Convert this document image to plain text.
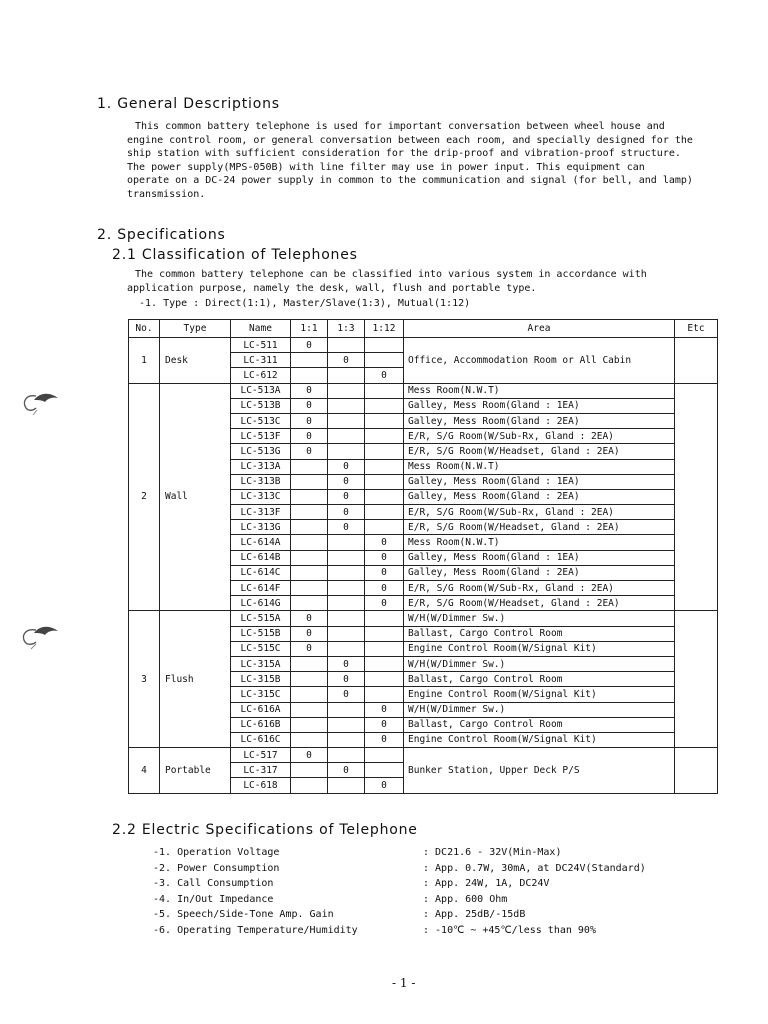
1. General Descriptions
This common battery telephone is used for important conversation between wheel house and
engine control room, or general conversation between each room, and specially designed for the
ship station with sufficient consideration for the drip-proof and vibration-proof structure.
The power supply(MPS-050B) with line filter may use in power input. This equipment can
operate on a DC-24 power supply in common to the communication and signal (for bell, and lamp)
transmission.
2. Specifications
2.1 Classification of Telephones
The common battery telephone can be classified into various system in accordance with
application purpose, namely the desk, wall, flush and portable type.
-1. Type : Direct(1:1), Master/Slave(1:3), Mutual(1:12)
No.	Type	Name	1:1	1:3	1:12	Area	Etc
1	Desk	LC-511	0			Office, Accommodation Room or All Cabin	
		LC-311		0			
		LC-612			0		
2	Wall	LC-513A	0			Mess Room(N.W.T)	
		LC-513B	0			Galley, Mess Room(Gland : 1EA)	
		LC-513C	0			Galley, Mess Room(Gland : 2EA)	
		LC-513F	0			E/R, S/G Room(W/Sub-Rx, Gland : 2EA)	
		LC-513G	0			E/R, S/G Room(W/Headset, Gland : 2EA)	
		LC-313A		0		Mess Room(N.W.T)	
		LC-313B		0		Galley, Mess Room(Gland : 1EA)	
		LC-313C		0		Galley, Mess Room(Gland : 2EA)	
		LC-313F		0		E/R, S/G Room(W/Sub-Rx, Gland : 2EA)	
		LC-313G		0		E/R, S/G Room(W/Headset, Gland : 2EA)	
		LC-614A			0	Mess Room(N.W.T)	
		LC-614B			0	Galley, Mess Room(Gland : 1EA)	
		LC-614C			0	Galley, Mess Room(Gland : 2EA)	
		LC-614F			0	E/R, S/G Room(W/Sub-Rx, Gland : 2EA)	
		LC-614G			0	E/R, S/G Room(W/Headset, Gland : 2EA)	
3	Flush	LC-515A	0			W/H(W/Dimmer Sw.)	
		LC-515B	0			Ballast, Cargo Control Room	
		LC-515C	0			Engine Control Room(W/Signal Kit)	
		LC-315A		0		W/H(W/Dimmer Sw.)	
		LC-315B		0		Ballast, Cargo Control Room	
		LC-315C		0		Engine Control Room(W/Signal Kit)	
		LC-616A			0	W/H(W/Dimmer Sw.)	
		LC-616B			0	Ballast, Cargo Control Room	
		LC-616C			0	Engine Control Room(W/Signal Kit)	
4	Portable	LC-517	0			Bunker Station, Upper Deck P/S	
		LC-317		0			
		LC-618			0		
2.2 Electric Specifications of Telephone
-1. Operation Voltage	: DC21.6 - 32V(Min-Max)
-2. Power Consumption	: App. 0.7W, 30mA, at DC24V(Standard)
-3. Call Consumption	: App. 24W, 1A, DC24V
-4. In/Out Impedance	: App. 600 Ohm
-5. Speech/Side-Tone Amp. Gain	: App. 25dB/-15dB
-6. Operating Temperature/Humidity	: -10℃ ~ +45℃/less than 90%
- 1 -
